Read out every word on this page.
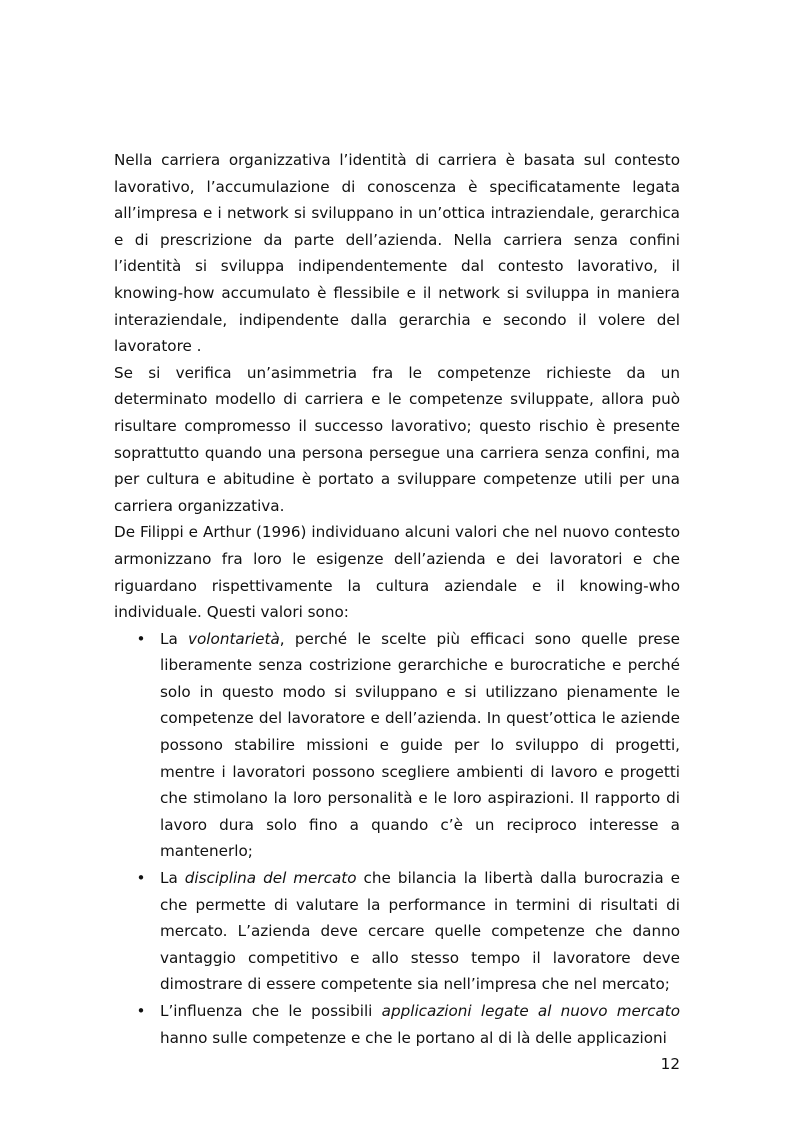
Nella carriera organizzativa l’identità di carriera è basata sul contesto lavorativo, l’accumulazione di conoscenza è specificatamente legata all’impresa e i network si sviluppano in un’ottica intraziendale, gerarchica e di prescrizione da parte dell’azienda. Nella carriera senza confini l’identità si sviluppa indipendentemente dal contesto lavorativo, il knowing-how accumulato è flessibile e il network si sviluppa in maniera interaziendale, indipendente dalla gerarchia e secondo il volere del lavoratore .

Se si verifica un’asimmetria fra le competenze richieste da un determinato modello di carriera e le competenze sviluppate, allora può risultare compromesso il successo lavorativo; questo rischio è presente soprattutto quando una persona persegue una carriera senza confini, ma per cultura e abitudine è portato a sviluppare competenze utili per una carriera organizzativa.

De Filippi e Arthur (1996) individuano alcuni valori che nel nuovo contesto armonizzano fra loro le esigenze dell’azienda e dei lavoratori e che riguardano rispettivamente la cultura aziendale e il knowing-who individuale. Questi valori sono:

• La volontarietà, perché le scelte più efficaci sono quelle prese liberamente senza costrizione gerarchiche e burocratiche e perché solo in questo modo si sviluppano e si utilizzano pienamente le competenze del lavoratore e dell’azienda. In quest’ottica le aziende possono stabilire missioni e guide per lo sviluppo di progetti, mentre i lavoratori possono scegliere ambienti di lavoro e progetti che stimolano la loro personalità e le loro aspirazioni. Il rapporto di lavoro dura solo fino a quando c’è un reciproco interesse a mantenerlo;
• La disciplina del mercato che bilancia la libertà dalla burocrazia e che permette di valutare la performance in termini di risultati di mercato. L’azienda deve cercare quelle competenze che danno vantaggio competitivo e allo stesso tempo il lavoratore deve dimostrare di essere competente sia nell’impresa che nel mercato;
• L’influenza che le possibili applicazioni legate al nuovo mercato hanno sulle competenze e che le portano al di là delle applicazioni
12
